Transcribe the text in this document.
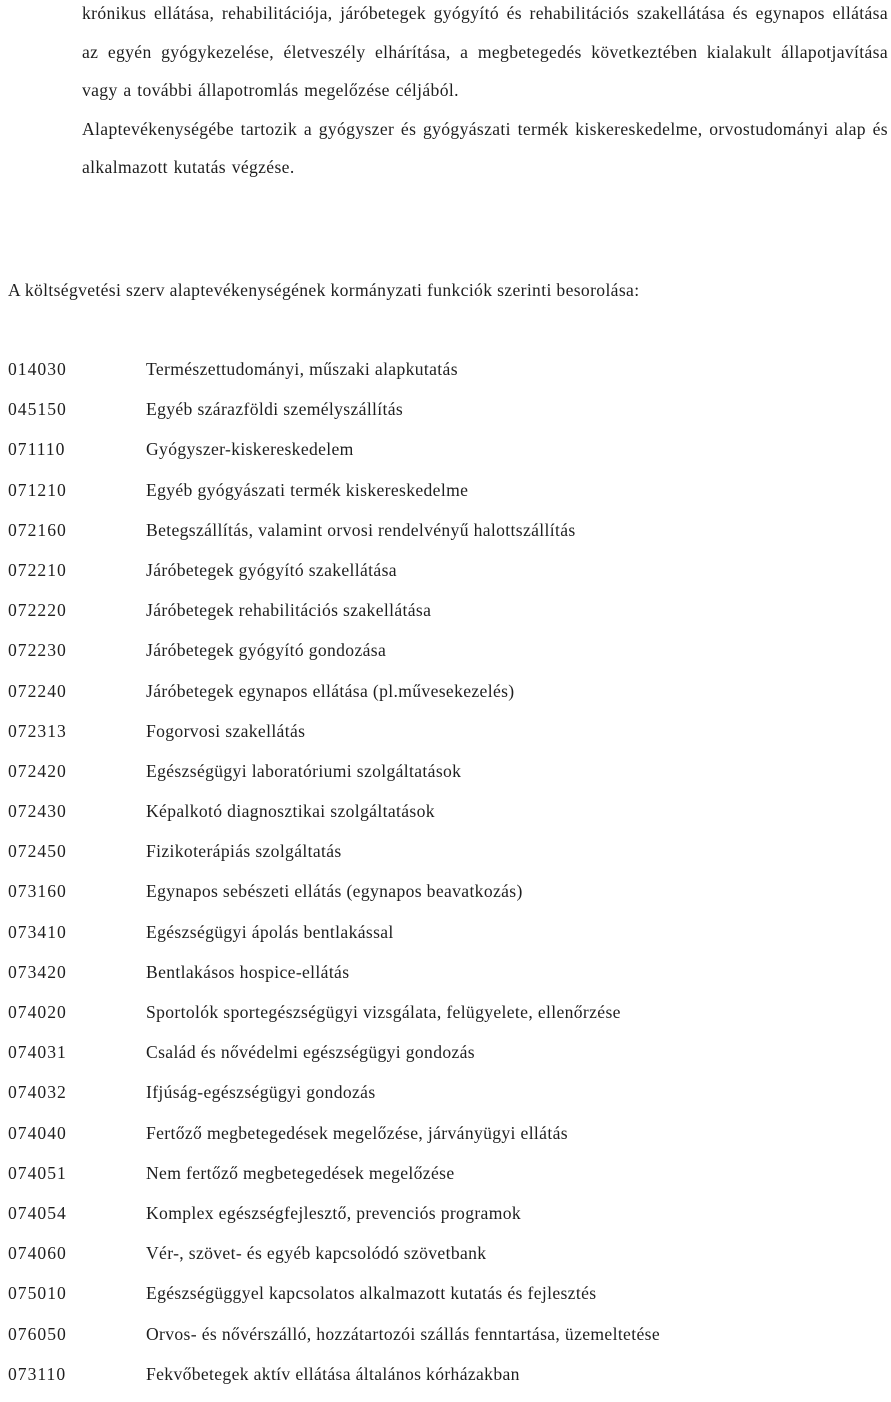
krónikus ellátása, rehabilitációja, járóbetegek gyógyító és rehabilitációs szakellátása és egynapos ellátása az egyén gyógykezelése, életveszély elhárítása, a megbetegedés következtében kialakult állapotjavítása vagy a további állapotromlás megelőzése céljából.

Alaptevékenységébe tartozik a gyógyszer és gyógyászati termék kiskereskedelme, orvostudományi alap és alkalmazott kutatás végzése.

A költségvetési szerv alaptevékenységének kormányzati funkciók szerinti besorolása:

014030	Természettudományi, műszaki alapkutatás
045150	Egyéb szárazföldi személyszállítás
071110	Gyógyszer-kiskereskedelem
071210	Egyéb gyógyászati termék kiskereskedelme
072160	Betegszállítás, valamint orvosi rendelvényű halottszállítás
072210	Járóbetegek gyógyító szakellátása
072220	Járóbetegek rehabilitációs szakellátása
072230	Járóbetegek gyógyító gondozása
072240	Járóbetegek egynapos ellátása (pl.művesekezelés)
072313	Fogorvosi szakellátás
072420	Egészségügyi laboratóriumi szolgáltatások
072430	Képalkotó diagnosztikai szolgáltatások
072450	Fizikoterápiás szolgáltatás
073160	Egynapos sebészeti ellátás (egynapos beavatkozás)
073410	Egészségügyi ápolás bentlakással
073420	Bentlakásos hospice-ellátás
074020	Sportolók sportegészségügyi vizsgálata, felügyelete, ellenőrzése
074031	Család és nővédelmi egészségügyi gondozás
074032	Ifjúság-egészségügyi gondozás
074040	Fertőző megbetegedések megelőzése, járványügyi ellátás
074051	Nem fertőző megbetegedések megelőzése
074054	Komplex egészségfejlesztő, prevenciós programok
074060	Vér-, szövet- és egyéb kapcsolódó szövetbank
075010	Egészségüggyel kapcsolatos alkalmazott kutatás és fejlesztés
076050	Orvos- és nővérszálló, hozzátartozói szállás fenntartása, üzemeltetése
073110	Fekvőbetegek aktív ellátása általános kórházakban
